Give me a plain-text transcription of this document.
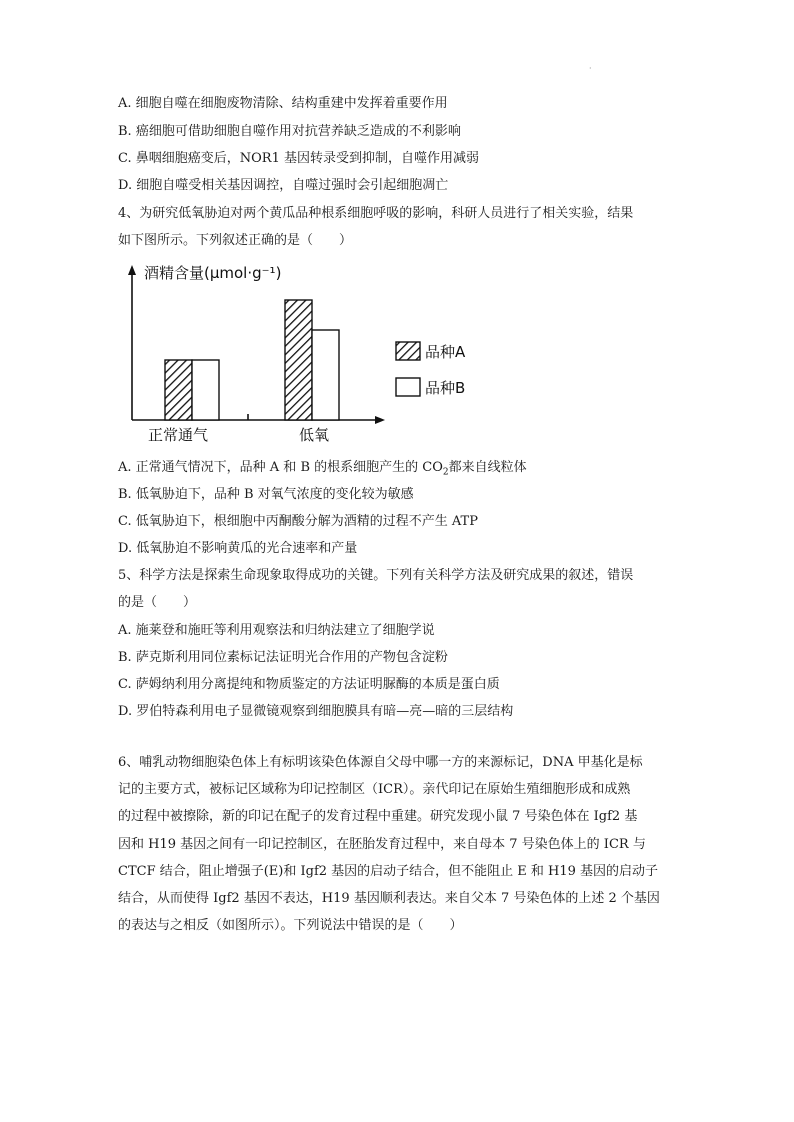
·
A. 细胞自噬在细胞废物清除、结构重建中发挥着重要作用
B. 癌细胞可借助细胞自噬作用对抗营养缺乏造成的不利影响
C. 鼻咽细胞癌变后，NOR1 基因转录受到抑制，自噬作用减弱
D. 细胞自噬受相关基因调控，自噬过强时会引起细胞凋亡
4、为研究低氧胁迫对两个黄瓜品种根系细胞呼吸的影响，科研人员进行了相关实验，结果
如下图所示。下列叙述正确的是（　　）
酒精含量(μmol·g⁻¹)
正常通气	低氧
品种A
品种B
A. 正常通气情况下，品种 A 和 B 的根系细胞产生的 $CO_2$都来自线粒体
B. 低氧胁迫下，品种 B 对氧气浓度的变化较为敏感
C. 低氧胁迫下，根细胞中丙酮酸分解为酒精的过程不产生 ATP
D. 低氧胁迫不影响黄瓜的光合速率和产量
5、科学方法是探索生命现象取得成功的关键。下列有关科学方法及研究成果的叙述，错误
的是（　　）
A. 施莱登和施旺等利用观察法和归纳法建立了细胞学说
B. 萨克斯利用同位素标记法证明光合作用的产物包含淀粉
C. 萨姆纳利用分离提纯和物质鉴定的方法证明脲酶的本质是蛋白质
D. 罗伯特森利用电子显微镜观察到细胞膜具有暗—亮—暗的三层结构
6、哺乳动物细胞染色体上有标明该染色体源自父母中哪一方的来源标记，DNA 甲基化是标
记的主要方式，被标记区域称为印记控制区（ICR）。亲代印记在原始生殖细胞形成和成熟
的过程中被擦除，新的印记在配子的发育过程中重建。研究发现小鼠 7 号染色体在 Igf2 基
因和 H19 基因之间有一印记控制区，在胚胎发育过程中，来自母本 7 号染色体上的 ICR 与
CTCF 结合，阻止增强子(E)和 Igf2 基因的启动子结合，但不能阻止 E 和 H19 基因的启动子
结合，从而使得 Igf2 基因不表达，H19 基因顺利表达。来自父本 7 号染色体的上述 2 个基因
的表达与之相反（如图所示）。下列说法中错误的是（　　）
